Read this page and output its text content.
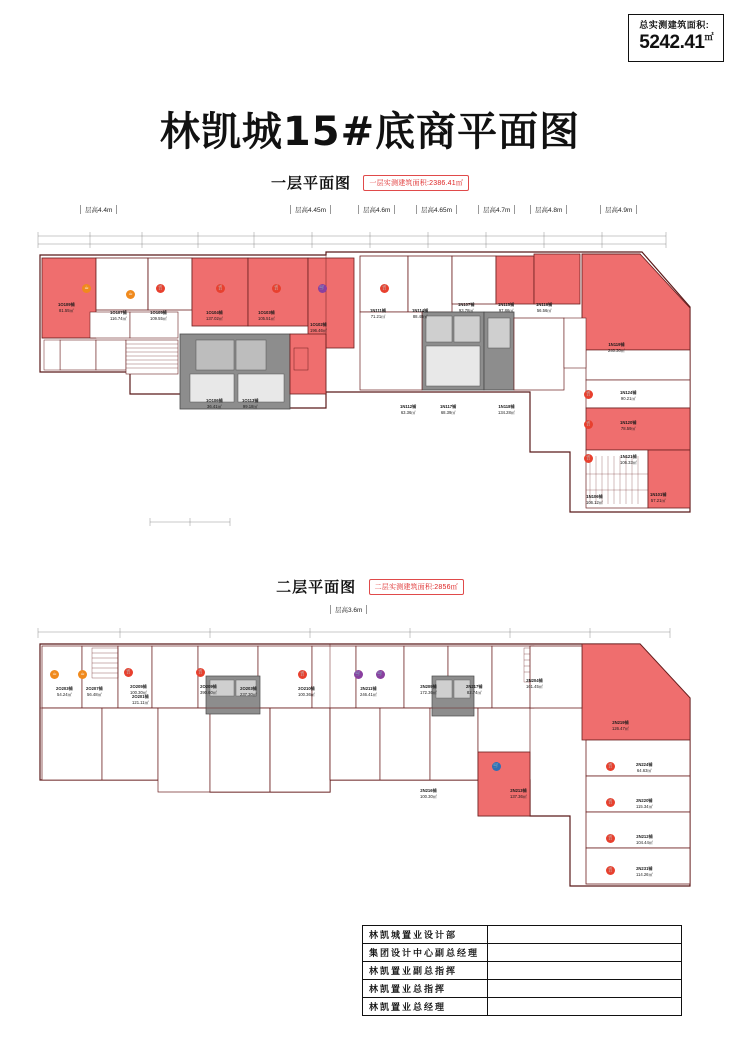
总实测建筑面积:
5242.41㎡
林凯城15#底商平面图
一层平面图	一层实测建筑面积:2386.41㎡
层高4.4m	层高4.45m	层高4.6m	层高4.65m	层高4.7m	层高4.8m	层高4.9m
1O109铺
81.55㎡	1O107铺
116.74㎡
1O105铺
109.55㎡
1O104铺
137.02㎡
1O103铺
105.51㎡
1O102铺
196.46㎡
1O106铺
36.41㎡
1O113铺
99.18㎡
1N111铺
71.21㎡
1N114铺
88.48㎡
1N107铺
93.78㎡
1N115铺
97.86㎡
1N116铺
56.56㎡
1N119铺
240.30㎡
1N124铺
90.21㎡
1N120铺
78.59㎡
1N121铺
106.33㎡
1N101铺
57.21㎡
1N106铺
106.12㎡
1N112铺
63.36㎡
1N117铺
68.39㎡
1N118铺
134.28㎡
☕
☕
🍴	🍴	🍴	🛒	🍴
🍴
🍴
🍴
二层平面图	二层实测建筑面积:2856㎡
层高3.6m
2O203铺
54.24㎡
2O207铺
56.48㎡
2O205铺
100.30㎡
2O209铺
390.60㎡
2O203铺
237.30㎡
2O201铺
121.11㎡
2O210铺
100.36㎡
2N211铺
246.41㎡
2N209铺
172.36㎡
2N217铺
82.74㎡
2N204铺
161.45㎡
2N219铺
126.47㎡
2N216铺
100.30㎡
2N213铺
137.36㎡
2N224铺
64.63㎡
2N220铺
115.34㎡
2N212铺
104.44㎡
2N231铺
114.26㎡
☕	☕	🍴	🍴	🍴	🛒	🛒
🛒	🍴
🍴
🍴
🍴
林凯城置业设计部	
集团设计中心副总经理	
林凯置业副总指挥	
林凯置业总指挥	
林凯置业总经理	
